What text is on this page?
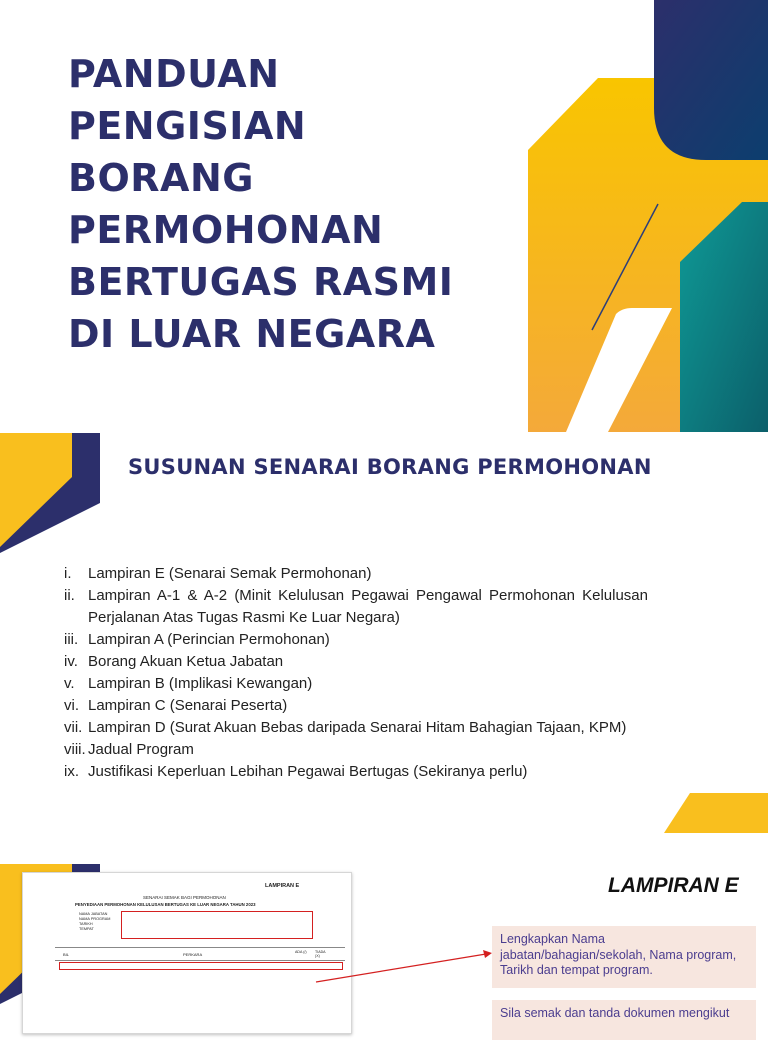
PANDUAN
PENGISIAN
BORANG
PERMOHONAN
BERTUGAS RASMI
DI LUAR NEGARA
SUSUNAN SENARAI BORANG PERMOHONAN
i.	Lampiran E (Senarai Semak Permohonan)
ii. Lampiran A-1 & A-2 (Minit Kelulusan Pegawai Pengawal Permohonan Kelulusan Perjalanan Atas Tugas Rasmi Ke Luar Negara)
iii. Lampiran A (Perincian Permohonan)
iv. Borang Akuan Ketua Jabatan
v. Lampiran B (Implikasi Kewangan)
vi. Lampiran C (Senarai Peserta)
vii. Lampiran D (Surat Akuan Bebas daripada Senarai Hitam Bahagian Tajaan, KPM)
viii. Jadual Program
ix. Justifikasi Keperluan Lebihan Pegawai Bertugas (Sekiranya perlu)
LAMPIRAN E
LAMPIRAN E
SENARAI SEMAK BAGI PERMOHONAN
PENYEDIAAN PERMOHONAN KELULUSAN BERTUGAS KE LUAR NEGARA TAHUN 2023
NAMA JABATAN
NAMA PROGRAM
TARIKH
TEMPAT
BIL	PERKARA	ADA (/)	TIADA (X)
Lengkapkan Nama jabatan/bahagian/sekolah, Nama program, Tarikh dan tempat program.
Sila semak dan tanda dokumen mengikut
